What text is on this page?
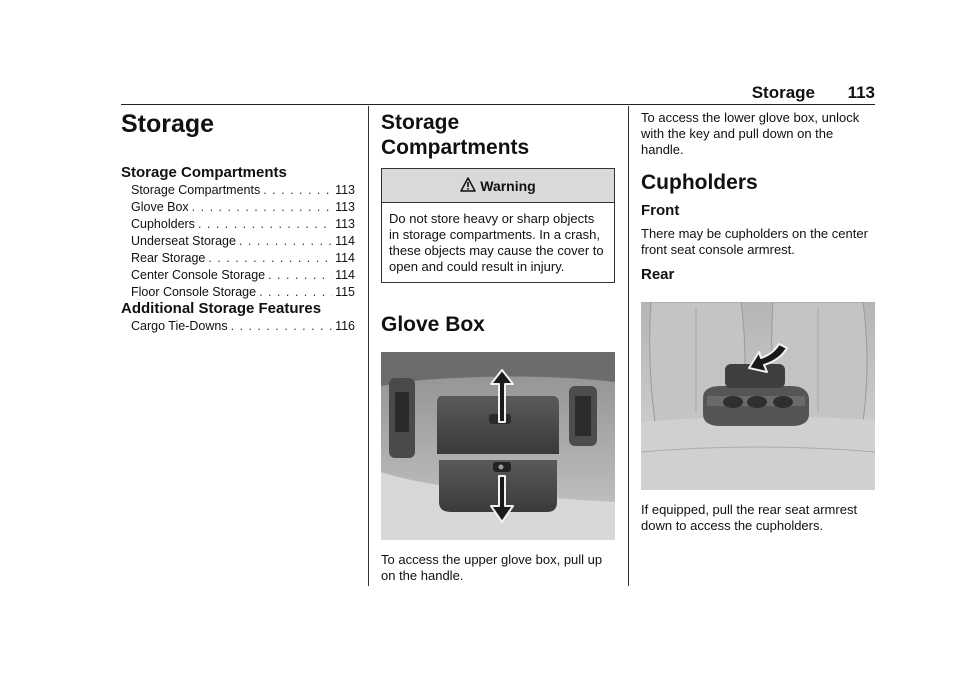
Storage 113
Storage
Storage Compartments
Storage Compartments . . .	113
Glove Box . . .	113
Cupholders . . .	113
Underseat Storage . . .	114
Rear Storage . . .	114
Center Console Storage . . .	114
Floor Console Storage . . .	115
Additional Storage Features
Cargo Tie-Downs . . .	116
Storage
Compartments
Warning
Do not store heavy or sharp objects in storage compartments. In a crash, these objects may cause the cover to open and could result in injury.
Glove Box

To access the upper glove box, pull up on the handle.

To access the lower glove box, unlock with the key and pull down on the handle.

Cupholders
Front

There may be cupholders on the center front seat console armrest.

Rear

If equipped, pull the rear seat armrest down to access the cupholders.
